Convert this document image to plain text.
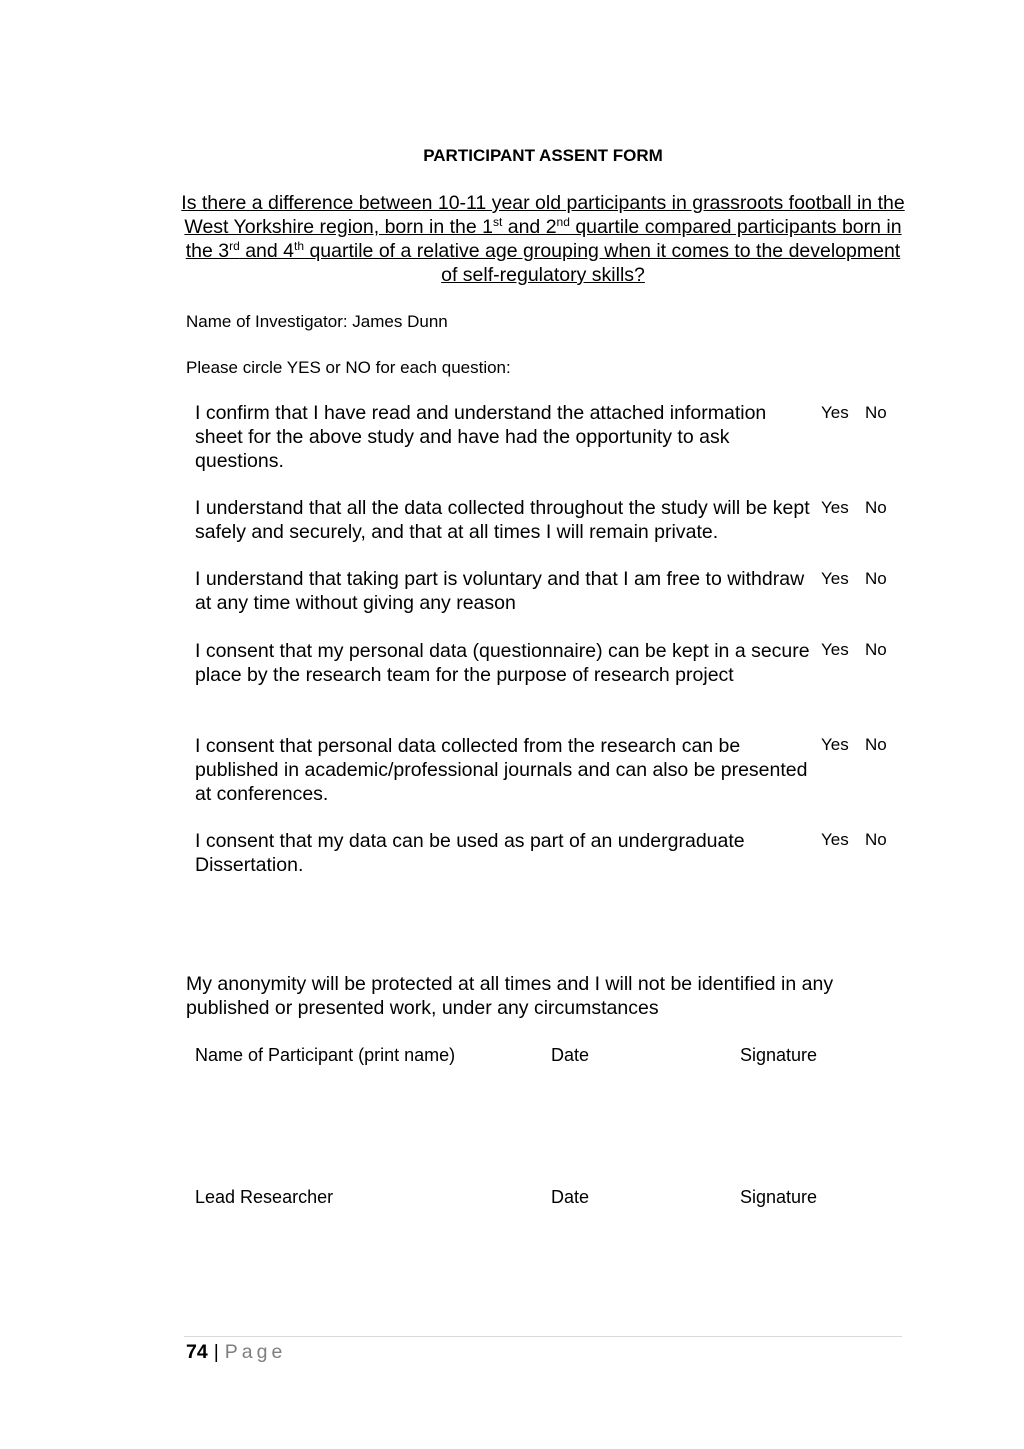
PARTICIPANT ASSENT FORM
Is there a difference between 10-11 year old participants in grassroots football in the West Yorkshire region, born in the 1st and 2nd quartile compared participants born in the 3rd and 4th quartile of a relative age grouping when it comes to the development of self-regulatory skills?
Name of Investigator: James Dunn
Please circle YES or NO for each question:
I confirm that I have read and understand the attached information sheet for the above study and have had the opportunity to ask questions.
Yes No
I understand that all the data collected throughout the study will be kept safely and securely, and that at all times I will remain private.
Yes No
I understand that taking part is voluntary and that I am free to withdraw at any time without giving any reason
Yes No
I consent that my personal data (questionnaire) can be kept in a secure place by the research team for the purpose of research project
Yes No
I consent that personal data collected from the research can be published in academic/professional journals and can also be presented at conferences.
Yes No
I consent that my data can be used as part of an undergraduate Dissertation.
Yes No
My anonymity will be protected at all times and I will not be identified in any published or presented work, under any circumstances
Name of Participant (print name)	Date	Signature
Lead Researcher	Date	Signature
74 | Page
